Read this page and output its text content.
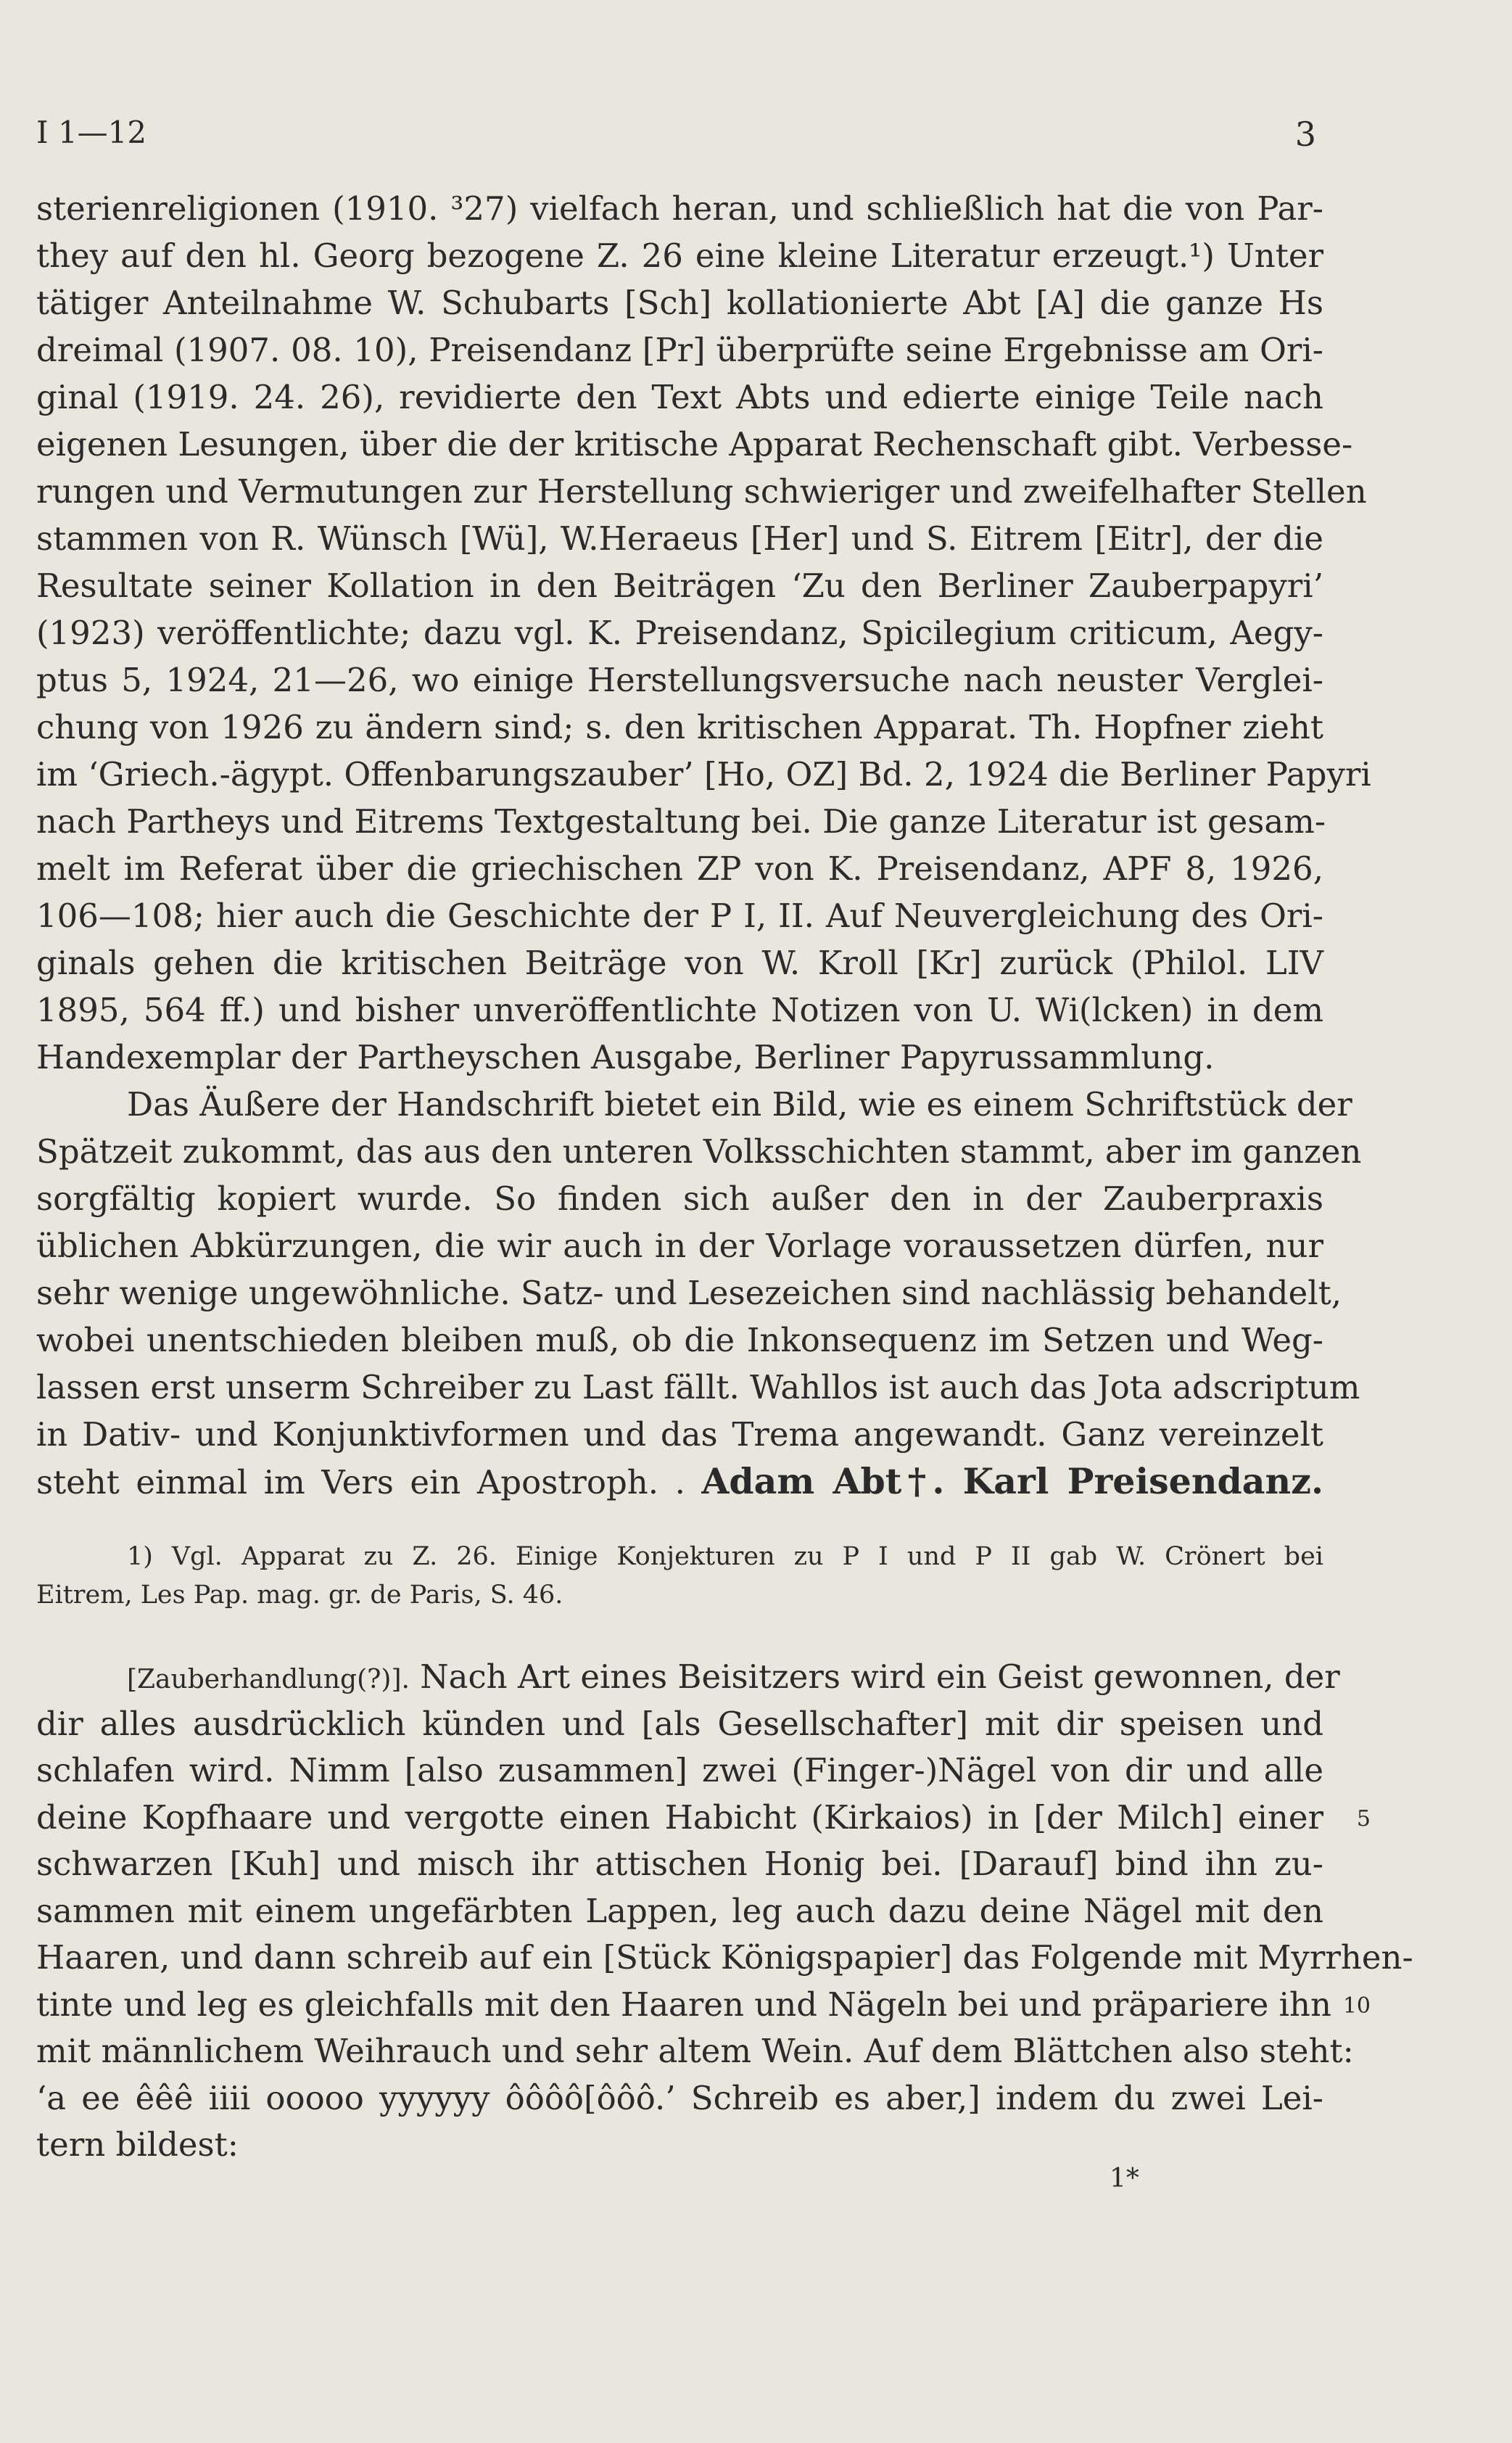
I 1—12	3
sterienreligionen (1910. ³27) vielfach heran, und schließlich hat die von Par-
they auf den hl. Georg bezogene Z. 26 eine kleine Literatur erzeugt.¹) Unter
tätiger Anteilnahme W. Schubarts [Sch] kollationierte Abt [A] die ganze Hs
dreimal (1907. 08. 10), Preisendanz [Pr] überprüfte seine Ergebnisse am Ori-
ginal (1919. 24. 26), revidierte den Text Abts und edierte einige Teile nach
eigenen Lesungen, über die der kritische Apparat Rechenschaft gibt. Verbesse-
rungen und Vermutungen zur Herstellung schwieriger und zweifelhafter Stellen
stammen von R. Wünsch [Wü], W.Heraeus [Her] und S. Eitrem [Eitr], der die
Resultate seiner Kollation in den Beiträgen ‘Zu den Berliner Zauberpapyri’
(1923) veröffentlichte; dazu vgl. K. Preisendanz, Spicilegium criticum, Aegy-
ptus 5, 1924, 21—26, wo einige Herstellungsversuche nach neuster Verglei-
chung von 1926 zu ändern sind; s. den kritischen Apparat. Th. Hopfner zieht
im ‘Griech.-ägypt. Offenbarungszauber’ [Ho, OZ] Bd. 2, 1924 die Berliner Papyri
nach Partheys und Eitrems Textgestaltung bei. Die ganze Literatur ist gesam-
melt im Referat über die griechischen ZP von K. Preisendanz, APF 8, 1926,
106—108; hier auch die Geschichte der P I, II. Auf Neuvergleichung des Ori-
ginals gehen die kritischen Beiträge von W. Kroll [Kr] zurück (Philol. LIV
1895, 564 ff.) und bisher unveröffentlichte Notizen von U. Wi(lcken) in dem
Handexemplar der Partheyschen Ausgabe, Berliner Papyrussammlung.
Das Äußere der Handschrift bietet ein Bild, wie es einem Schriftstück der
Spätzeit zukommt, das aus den unteren Volksschichten stammt, aber im ganzen
sorgfältig kopiert wurde. So finden sich außer den in der Zauberpraxis
üblichen Abkürzungen, die wir auch in der Vorlage voraussetzen dürfen, nur
sehr wenige ungewöhnliche. Satz- und Lesezeichen sind nachlässig behandelt,
wobei unentschieden bleiben muß, ob die Inkonsequenz im Setzen und Weg-
lassen erst unserm Schreiber zu Last fällt. Wahllos ist auch das Jota adscriptum
in Dativ- und Konjunktivformen und das Trema angewandt. Ganz vereinzelt
steht einmal im Vers ein Apostroph. . Adam Abt†. Karl Preisendanz.
1) Vgl. Apparat zu Z. 26. Einige Konjekturen zu P I und P II gab W. Crönert bei
Eitrem, Les Pap. mag. gr. de Paris, S. 46.
[Zauberhandlung(?)]. Nach Art eines Beisitzers wird ein Geist gewonnen, der
dir alles ausdrücklich künden und [als Gesellschafter] mit dir speisen und
schlafen wird. Nimm [also zusammen] zwei (Finger-)Nägel von dir und alle
deine Kopfhaare und vergotte einen Habicht (Kirkaios) in [der Milch] einer
schwarzen [Kuh] und misch ihr attischen Honig bei. [Darauf] bind ihn zu-
sammen mit einem ungefärbten Lappen, leg auch dazu deine Nägel mit den
Haaren, und dann schreib auf ein [Stück Königspapier] das Folgende mit Myrrhen-
tinte und leg es gleichfalls mit den Haaren und Nägeln bei und präpariere ihn
mit männlichem Weihrauch und sehr altem Wein. Auf dem Blättchen also steht:
‘a ee êêê iiii ooooo yyyyyy ôôôô[ôôô.’ Schreib es aber,] indem du zwei Lei-
tern bildest:
5
10
1*
